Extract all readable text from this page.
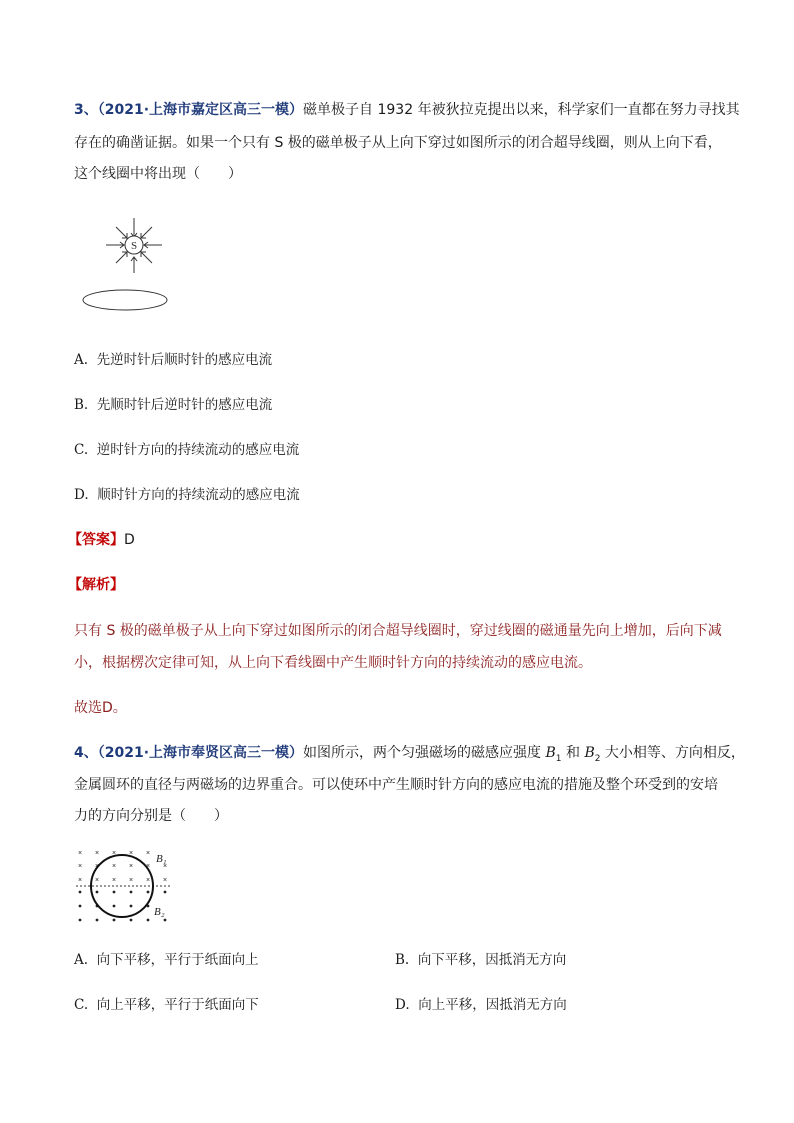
3、（2021·上海市嘉定区高三一模）磁单极子自 1932 年被狄拉克提出以来，科学家们一直都在努力寻找其
存在的确凿证据。如果一个只有 S 极的磁单极子从上向下穿过如图所示的闭合超导线圈，则从上向下看，
这个线圈中将出现（　　）
S
A. 先逆时针后顺时针的感应电流
B. 先顺时针后逆时针的感应电流
C. 逆时针方向的持续流动的感应电流
D. 顺时针方向的持续流动的感应电流
【答案】D
【解析】
只有 S 极的磁单极子从上向下穿过如图所示的闭合超导线圈时，穿过线圈的磁通量先向上增加，后向下减
小，根据楞次定律可知，从上向下看线圈中产生顺时针方向的持续流动的感应电流。
故选D。
4、（2021·上海市奉贤区高三一模）如图所示，两个匀强磁场的磁感应强度 $B_1$ 和 $B_2$ 大小相等、方向相反，
金属圆环的直径与两磁场的边界重合。可以使环中产生顺时针方向的感应电流的措施及整个环受到的安培
力的方向分别是（　　）
× × × × ×
× × × × × ×
× × × × × ×
B₁
B₂
A. 向下平移，平行于纸面向上	B. 向下平移，因抵消无方向
C. 向上平移，平行于纸面向下	D. 向上平移，因抵消无方向
